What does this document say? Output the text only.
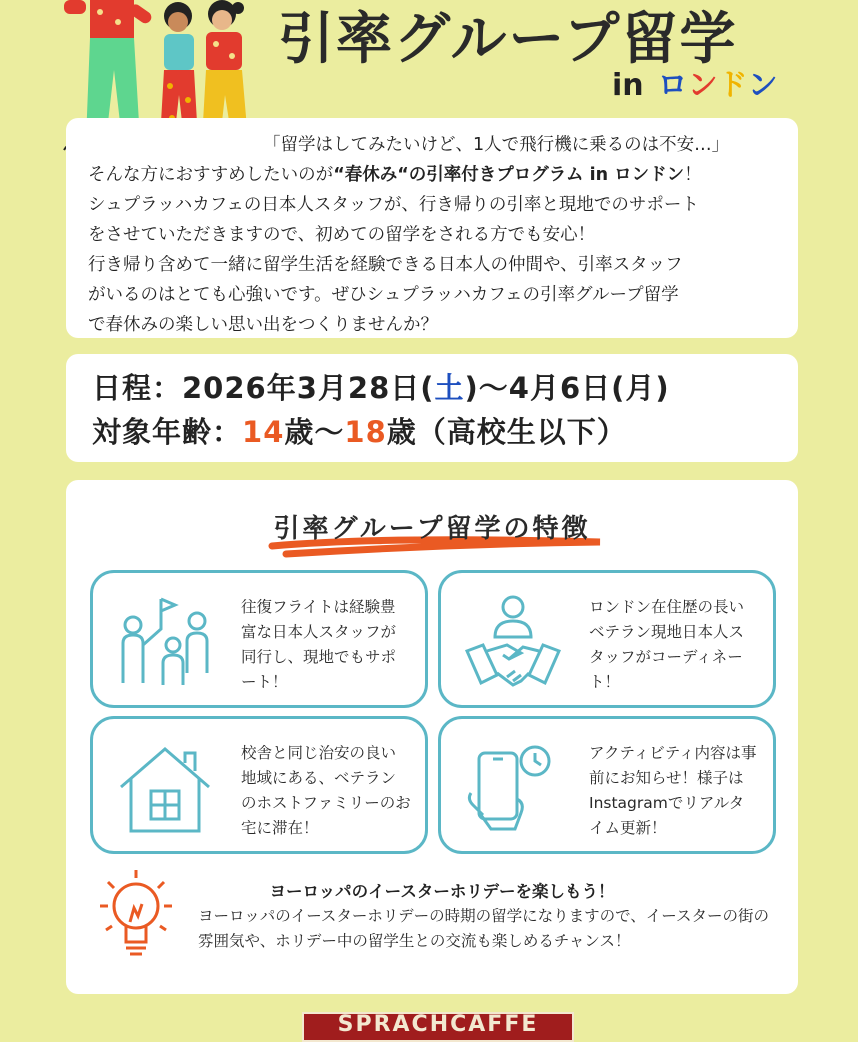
引率グループ留学
in ロンドン

「留学はしてみたいけど、1人で飛行機に乗るのは不安…」

そんな方におすすめしたいのが“春休み“の引率付きプログラム in ロンドン！

シュプラッハカフェの日本人スタッフが、行き帰りの引率と現地でのサポート

をさせていただきますので、初めての留学をされる方でも安心！

行き帰り含めて一緒に留学生活を経験できる日本人の仲間や、引率スタッフ

がいるのはとても心強いです。ぜひシュプラッハカフェの引率グループ留学

で春休みの楽しい思い出をつくりませんか？

日程：2026年3月28日(土)～4月6日(月)

対象年齢：14歳～18歳（高校生以下）

引率グループ留学の特徴
往復フライトは経験豊富な日本人スタッフが同行し、現地でもサポート！
ロンドン在住歴の長いベテラン現地日本人スタッフがコーディネート！
校舎と同じ治安の良い地域にある、ベテランのホストファミリーのお宅に滞在！
アクティビティ内容は事前にお知らせ！様子はInstagramでリアルタイム更新！
ヨーロッパのイースターホリデーを楽しもう！
ヨーロッパのイースターホリデーの時期の留学になりますので、イースターの街の雰囲気や、ホリデー中の留学生との交流も楽しめるチャンス！
SPRACHCAFFE
